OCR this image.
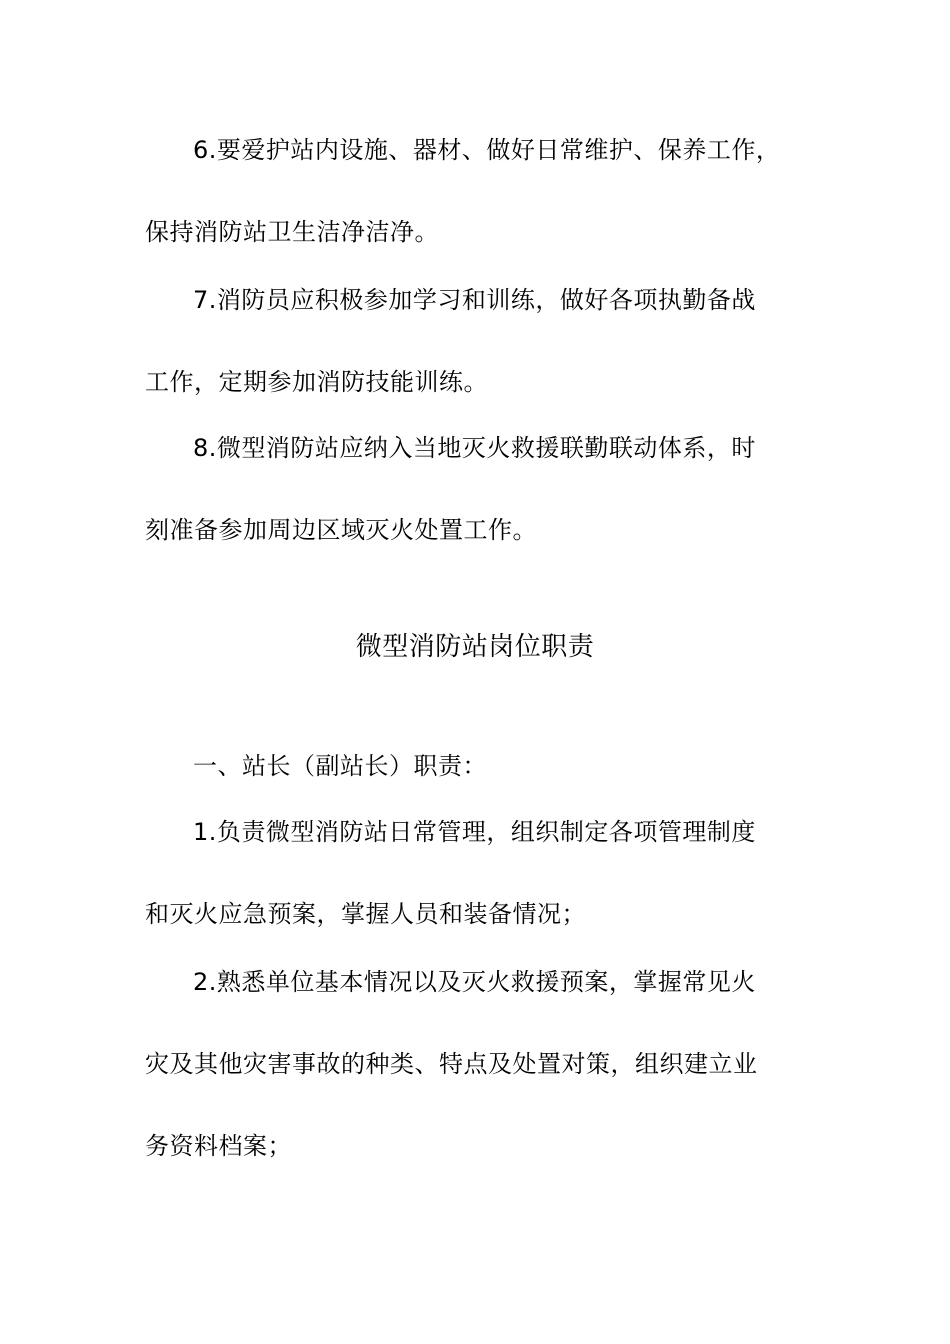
6.要爱护站内设施、器材、做好日常维护、保养工作，
保持消防站卫生洁净洁净。
7.消防员应积极参加学习和训练，做好各项执勤备战
工作，定期参加消防技能训练。
8.微型消防站应纳入当地灭火救援联勤联动体系，时
刻准备参加周边区域灭火处置工作。
微型消防站岗位职责
一、站长（副站长）职责：
1.负责微型消防站日常管理，组织制定各项管理制度
和灭火应急预案，掌握人员和装备情况；
2.熟悉单位基本情况以及灭火救援预案，掌握常见火
灾及其他灾害事故的种类、特点及处置对策，组织建立业
务资料档案；
